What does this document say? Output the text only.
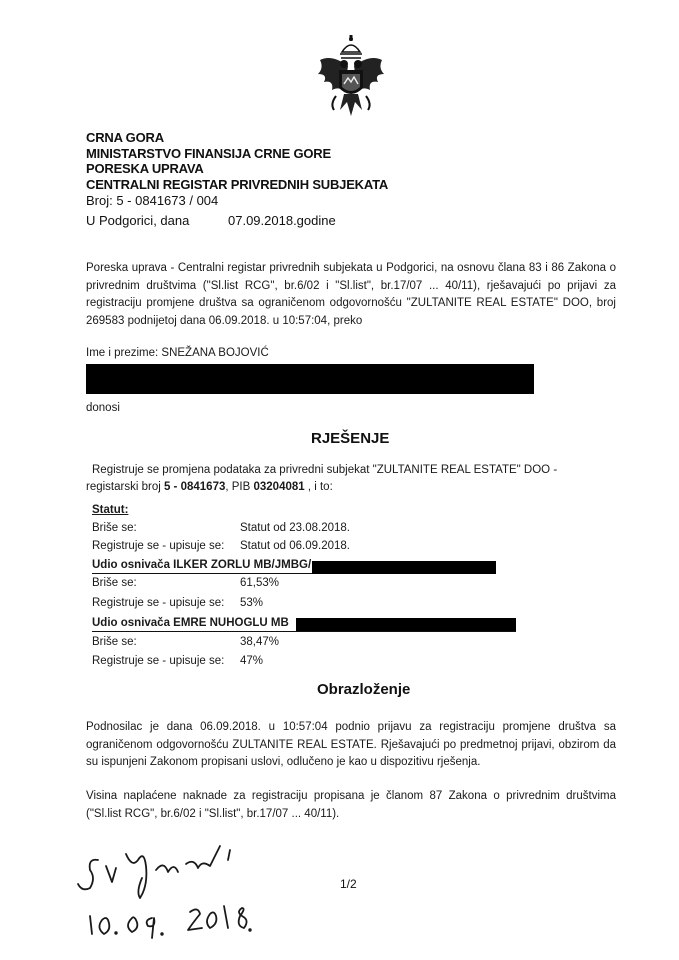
CRNA GORA
MINISTARSTVO FINANSIJA CRNE GORE
PORESKA UPRAVA
CENTRALNI REGISTAR PRIVREDNIH SUBJEKATA
Broj: 5 - 0841673 / 004
U Podgorici, dana	07.09.2018.godine
Poreska uprava - Centralni registar privrednih subjekata u Podgorici, na osnovu člana 83 i 86 Zakona o privrednim društvima ("Sl.list RCG", br.6/02 i "Sl.list", br.17/07 ... 40/11), rješavajući po prijavi za registraciju promjene društva sa ograničenom odgovornošću "ZULTANITE REAL ESTATE" DOO, broj 269583 podnijetoj dana 06.09.2018. u 10:57:04, preko
Ime i prezime: SNEŽANA BOJOVIĆ
donosi
RJEŠENJE
Registruje se promjena podataka za privredni subjekat "ZULTANITE REAL ESTATE" DOO -
registarski broj 5 - 0841673, PIB 03204081 , i to:
Statut:
Briše se:	Statut od 23.08.2018.
Registruje se - upisuje se: Statut od 06.09.2018.
Udio osnivača ILKER ZORLU MB/JMBG/
Briše se:	61,53%
Registruje se - upisuje se: 53%
Udio osnivača EMRE NUHOGLU MB
Briše se:	38,47%
Registruje se - upisuje se: 47%
Obrazloženje
Podnosilac je dana 06.09.2018. u 10:57:04 podnio prijavu za registraciju promjene društva sa ograničenom odgovornošću ZULTANITE REAL ESTATE. Rješavajući po predmetnoj prijavi, obzirom da su ispunjeni Zakonom propisani uslovi, odlučeno je kao u dispozitivu rješenja.
Visina naplaćene naknade za registraciju propisana je članom 87 Zakona o privrednim društvima ("Sl.list RCG", br.6/02 i "Sl.list", br.17/07 ... 40/11).
1/2
